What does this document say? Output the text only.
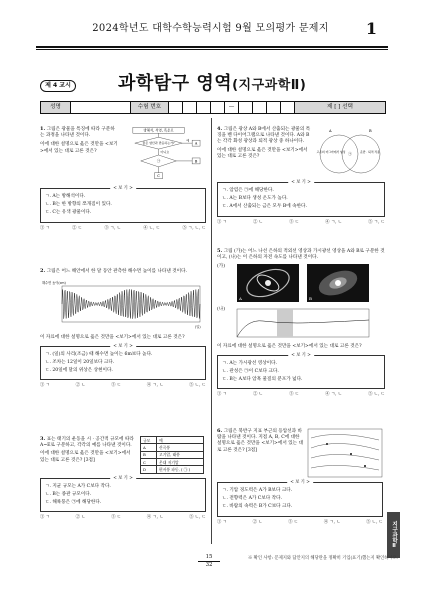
2024학년도 대학수학능력시험 9월 모의평가 문제지	1
제 4 교시	과학탐구 영역(지구과학Ⅱ)
성명	수험 번호	—	제 [ ] 선택

1. 그림은 광물을 특징에 따라 구분하는 과정을 나타낸 것이다.

이에 대한 설명으로 옳은 것만을 <보기>에서 있는 대로 고른 것은?

방해석, 석영, 흑운모
묽은 염산과 반응하는가?
예
A
아니요
㉠	B
C
< 보 기 >
ㄱ. A는 방해석이다.
ㄴ. B는 한 방향의 쪼개짐이 있다.
ㄷ. C는 유색 광물이다.
① ㄱ	② ㄷ	③ ㄱ, ㄴ	④ ㄴ, ㄷ	⑤ ㄱ, ㄴ, ㄷ

2. 그림은 어느 해안에서 한 달 동안 관측한 해수면 높이를 나타낸 것이다.

해수면 높이(cm)
(일)

이 자료에 대한 설명으로 옳은 것만을 <보기>에서 있는 대로 고른 것은?

< 보 기 >
ㄱ. (일)의 사리(조금) 때 해수면 높이는 6m보다 높다.
ㄴ. 조차는 12일이 20일보다 크다.
ㄷ. 20일에 달의 위상은 상현이다.
① ㄱ	② ㄴ	③ ㄷ	④ ㄱ, ㄴ	⑤ ㄴ, ㄷ

3. 표는 태기의 운동을 시 · 공간적 규모에 따라 A~E로 구분하고, 각각의 예를 나타낸 것이다.

이에 대한 설명으로 옳은 것만을 <보기>에서 있는 대로 고른 것은? [3점]

규모	예
A	산곡풍
B	고기압, 태풍
C	온대 저기압
D	편서풍 파동, ( ㉠ )
< 보 기 >
ㄱ. 지균 규모는 A가 C보다 작다.
ㄴ. B는 종관 규모이다.
ㄷ. 해륙풍은 ㉠에 해당한다.
① ㄱ	② ㄴ	③ ㄷ	④ ㄱ, ㄴ	⑤ ㄴ, ㄷ

4. 그림은 광상 A와 B에서 산출되는 광물의 특징을 벤 다이어그램으로 나타낸 것이다. A와 B는 각각 화성 광상과 퇴적 광상 중 하나이다.

이에 대한 설명으로 옳은 것만을 <보기>에서 있는 대로 고른 것은?

A	B
고온의 마그마에서 형성 ㉠	운반 · 퇴적 작용
< 보 기 >
ㄱ. 암염은 ㉠에 해당한다.
ㄴ. A는 B보다 생성 온도가 높다.
ㄷ. A에서 산출되는 금은 모두 B에 속한다.
① ㄱ	② ㄴ	③ ㄷ	④ ㄱ, ㄴ	⑤ ㄱ, ㄷ

5. 그림 (가)는 어느 나선 은하의 적외선 영상과 가시광선 영상을 A와 B로 구분한 것이고, (나)는 이 은하의 자전 속도를 나타낸 것이다.

(가)
A	B
(나)

이 자료에 대한 설명으로 옳은 것만을 <보기>에서 있는 대로 고른 것은?

< 보 기 >
ㄱ. A는 가시광선 영상이다.
ㄴ. 관성은 ㉠이 C보다 크다.
ㄷ. B는 A보다 암흑 물질의 분포가 넓다.
① ㄱ	② ㄴ	③ ㄷ	④ ㄱ, ㄴ	⑤ ㄴ, ㄷ

6. 그림은 북반구 지표 부근의 등압선과 바람을 나타낸 것이다. 지점 A, B, C에 대한 설명으로 옳은 것만을 <보기>에서 있는 대로 고른 것은? [3점]

< 보 기 >
ㄱ. 기압 경도력은 A가 B보다 크다.
ㄴ. 전향력은 A가 C보다 작다.
ㄷ. 바람의 속력은 B가 C보다 크다.
① ㄱ	② ㄴ	③ ㄷ	④ ㄱ, ㄴ	⑤ ㄴ, ㄷ	지구과학Ⅱ
15
32
※ 확인 사항: 문제지와 답안지의 해당란을 정확히 기입(표기)했는지 확인하시오.
